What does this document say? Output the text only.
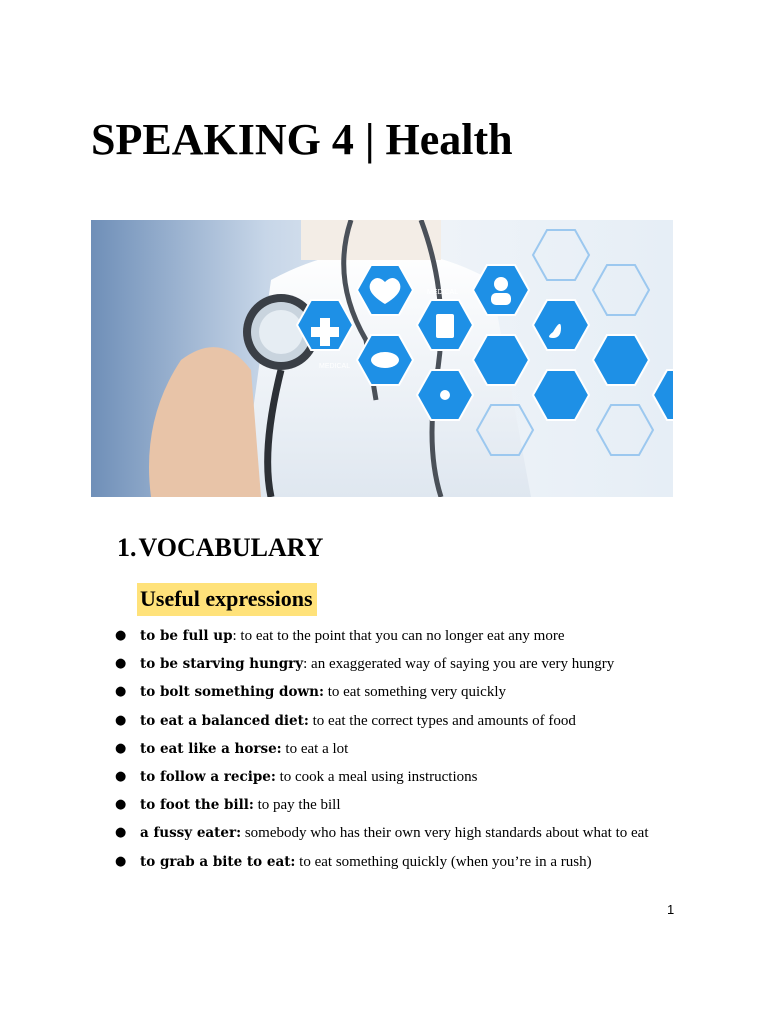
SPEAKING 4 | Health
MEDICAL
MEDICAL
1.VOCABULARY
Useful expressions
● to be full up: to eat to the point that you can no longer eat any more
● to be starving hungry: an exaggerated way of saying you are very hungry
● to bolt something down: to eat something very quickly
● to eat a balanced diet: to eat the correct types and amounts of food
● to eat like a horse: to eat a lot
● to follow a recipe: to cook a meal using instructions
● to foot the bill: to pay the bill
● a fussy eater: somebody who has their own very high standards about what to eat
● to grab a bite to eat: to eat something quickly (when you’re in a rush)
1
